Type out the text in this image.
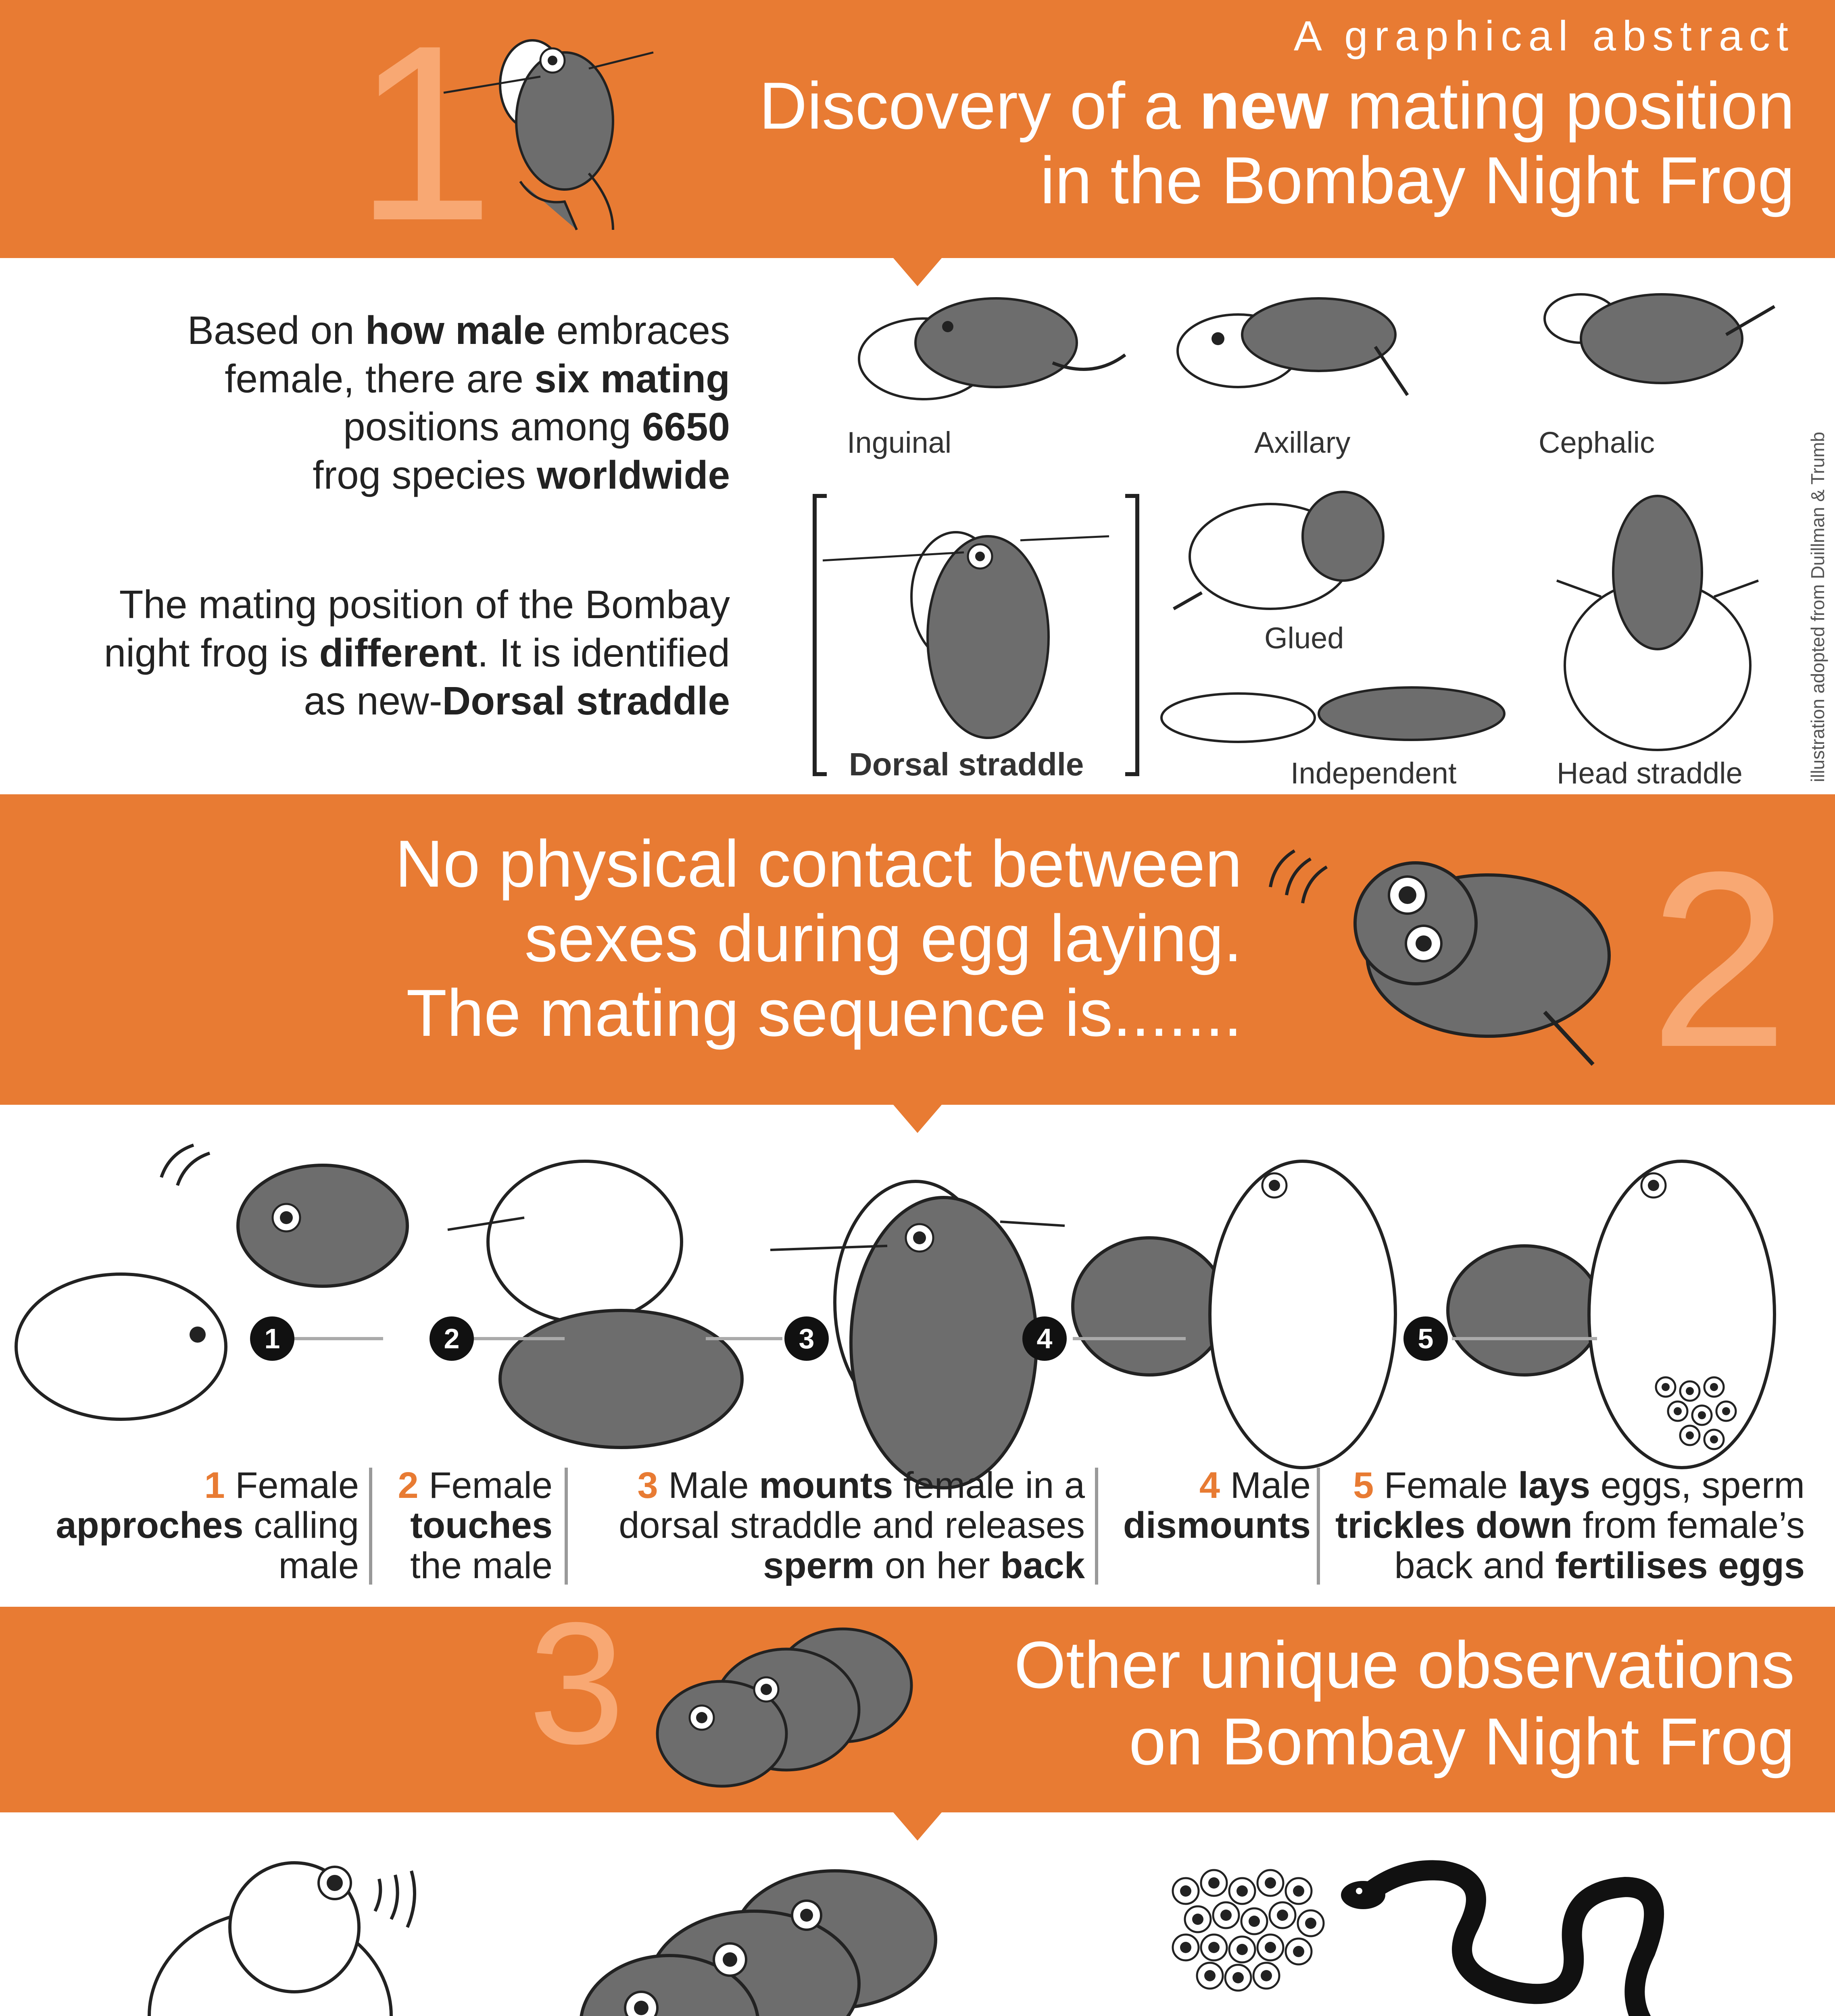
1	A graphical abstract
Discovery of a new mating position
in the Bombay Night Frog
Based on how male embraces
female, there are six mating
positions among 6650
frog species worldwide
The mating position of the Bombay
night frog is different. It is identified
as new-Dorsal straddle
Inguinal	Axillary	Cephalic
Dorsal straddle
Glued
Independent	Head straddle	illustration adopted from Duillman & Trumb
No physical contact between
sexes during egg laying.
The mating sequence is....... 2
1	2	3	4	5
1 Female
approches calling
male
2 Female
touches
the male
3 Male mounts female in a
dorsal straddle and releases
sperm on her back
4 Male
dismounts
5 Female lays eggs, sperm
trickles down from female’s
back and fertilises eggs
3	Other unique observations
on Bombay Night Frog
